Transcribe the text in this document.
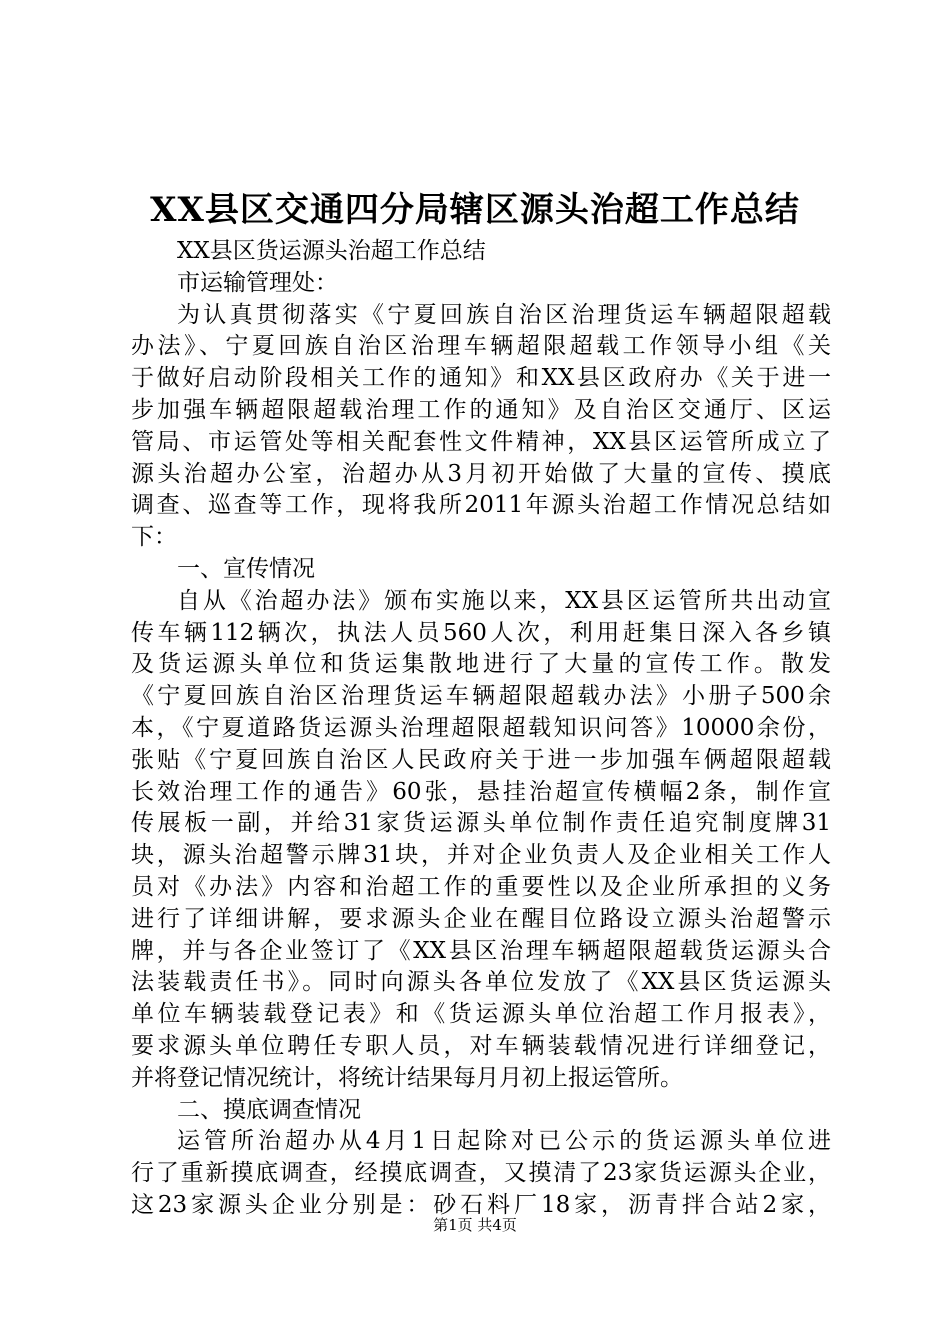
XX县区交通四分局辖区源头治超工作总结
XX县区货运源头治超工作总结
市运输管理处：
为认真贯彻落实《宁夏回族自治区治理货运车辆超限超载
办法》、宁夏回族自治区治理车辆超限超载工作领导小组《关
于做好启动阶段相关工作的通知》和XX县区政府办《关于进一
步加强车辆超限超载治理工作的通知》及自治区交通厅、区运
管局、市运管处等相关配套性文件精神，XX县区运管所成立了
源头治超办公室，治超办从3月初开始做了大量的宣传、摸底
调查、巡查等工作，现将我所2011年源头治超工作情况总结如
下：
一、宣传情况
自从《治超办法》颁布实施以来，XX县区运管所共出动宣
传车辆112辆次，执法人员560人次，利用赶集日深入各乡镇
及货运源头单位和货运集散地进行了大量的宣传工作。散发
《宁夏回族自治区治理货运车辆超限超载办法》小册子500余
本，《宁夏道路货运源头治理超限超载知识问答》10000余份，
张贴《宁夏回族自治区人民政府关于进一步加强车俩超限超载
长效治理工作的通告》60张，悬挂治超宣传横幅2条，制作宣
传展板一副，并给31家货运源头单位制作责任追究制度牌31
块，源头治超警示牌31块，并对企业负责人及企业相关工作人
员对《办法》内容和治超工作的重要性以及企业所承担的义务
进行了详细讲解，要求源头企业在醒目位路设立源头治超警示
牌，并与各企业签订了《XX县区治理车辆超限超载货运源头合
法装载责任书》。同时向源头各单位发放了《XX县区货运源头
单位车辆装载登记表》和《货运源头单位治超工作月报表》，
要求源头单位聘任专职人员，对车辆装载情况进行详细登记，
并将登记情况统计，将统计结果每月月初上报运管所。
二、摸底调查情况
运管所治超办从4月1日起除对已公示的货运源头单位进
行了重新摸底调查，经摸底调查，又摸清了23家货运源头企业，
这23家源头企业分别是：砂石料厂18家，沥青拌合站2家，
第1页 共4页
